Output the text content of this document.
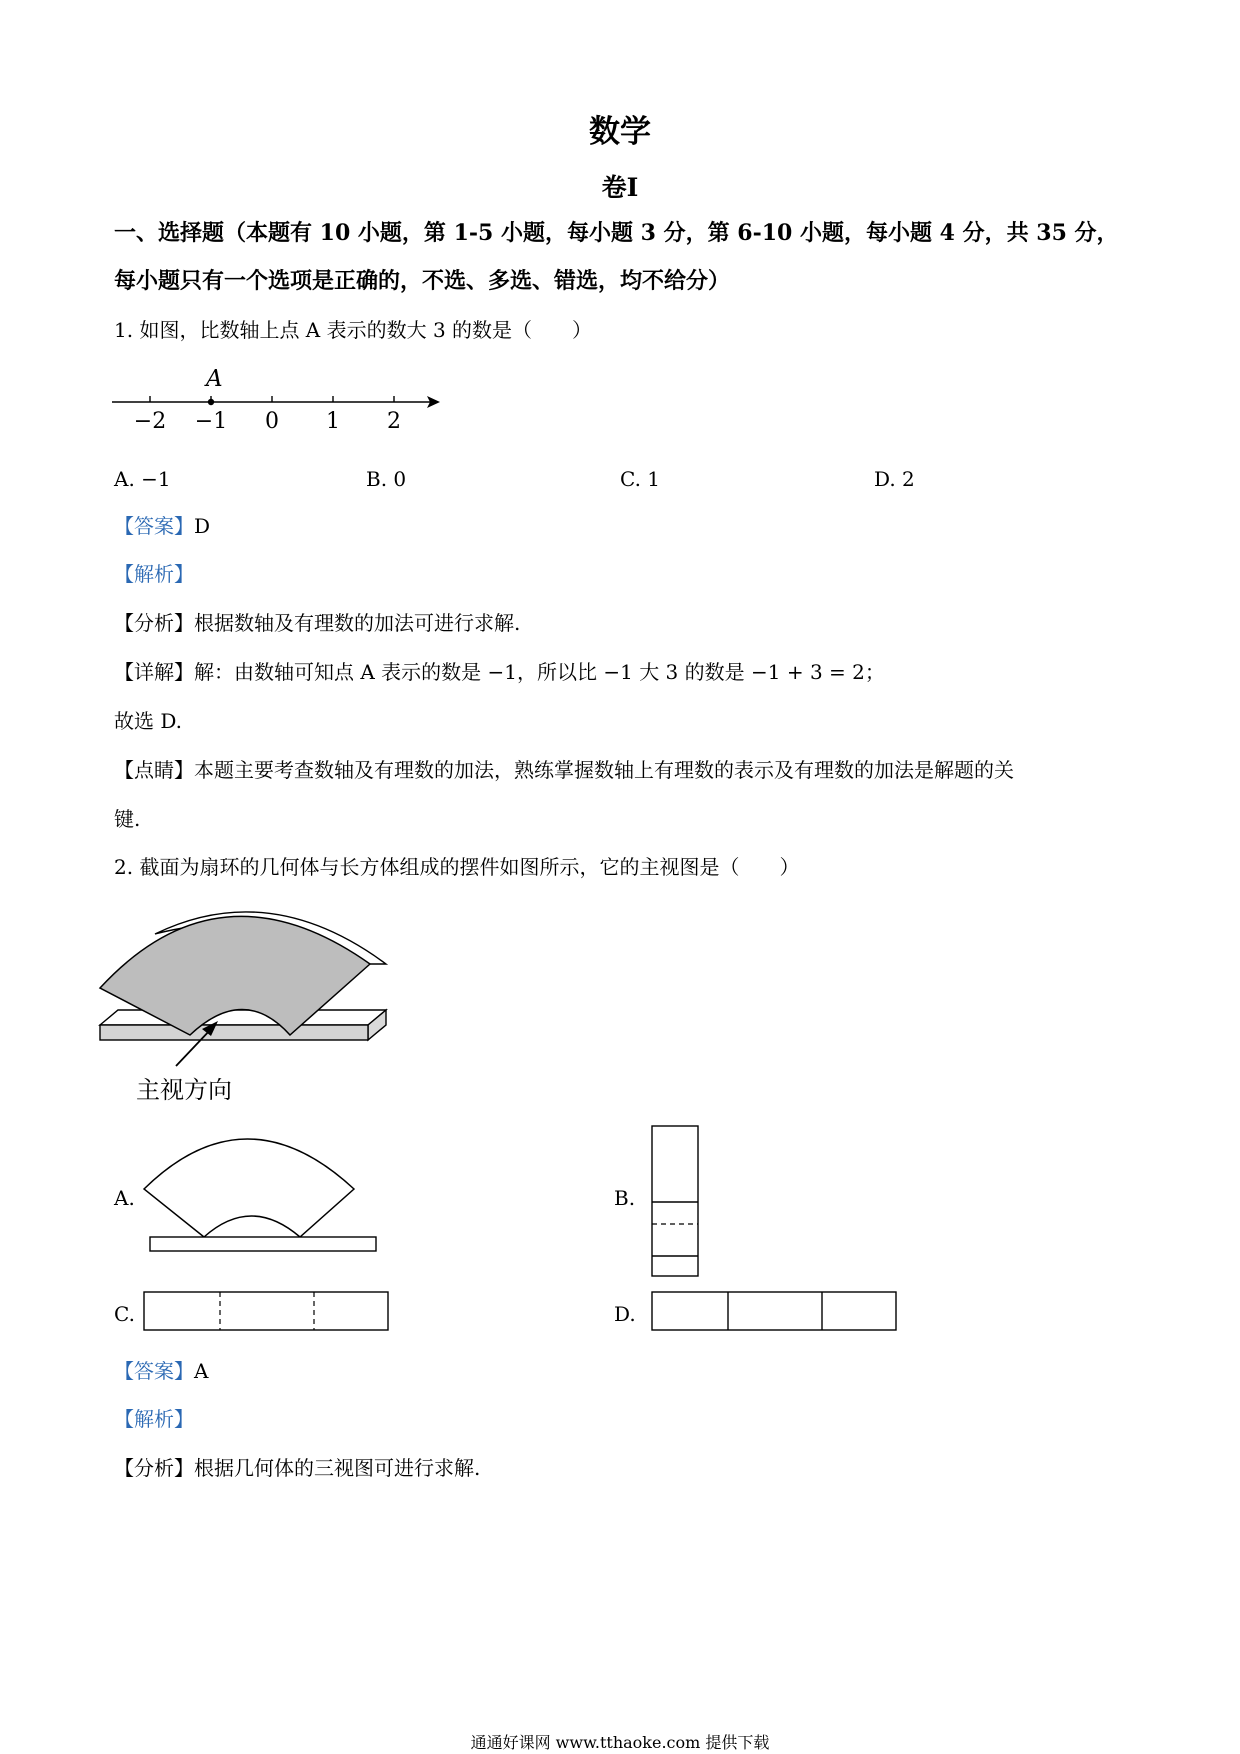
数学
卷I
一、选择题（本题有 10 小题，第 1-5 小题，每小题 3 分，第 6-10 小题，每小题 4 分，共 35 分，
每小题只有一个选项是正确的，不选、多选、错选，均不给分）
1. 如图，比数轴上点 A 表示的数大 3 的数是（　　）
A
−2 −1 0 1 2
A. −1	B. 0	C. 1	D. 2
【答案】D
【解析】
【分析】根据数轴及有理数的加法可进行求解.
【详解】解：由数轴可知点 A 表示的数是 −1，所以比 −1 大 3 的数是 −1 + 3 = 2；
故选 D.
【点睛】本题主要考查数轴及有理数的加法，熟练掌握数轴上有理数的表示及有理数的加法是解题的关
键.
2. 截面为扇环的几何体与长方体组成的摆件如图所示，它的主视图是（　　）
主视方向
A.	B.
C.	D.
【答案】A
【解析】
【分析】根据几何体的三视图可进行求解.
通通好课网 www.tthaoke.com 提供下载
